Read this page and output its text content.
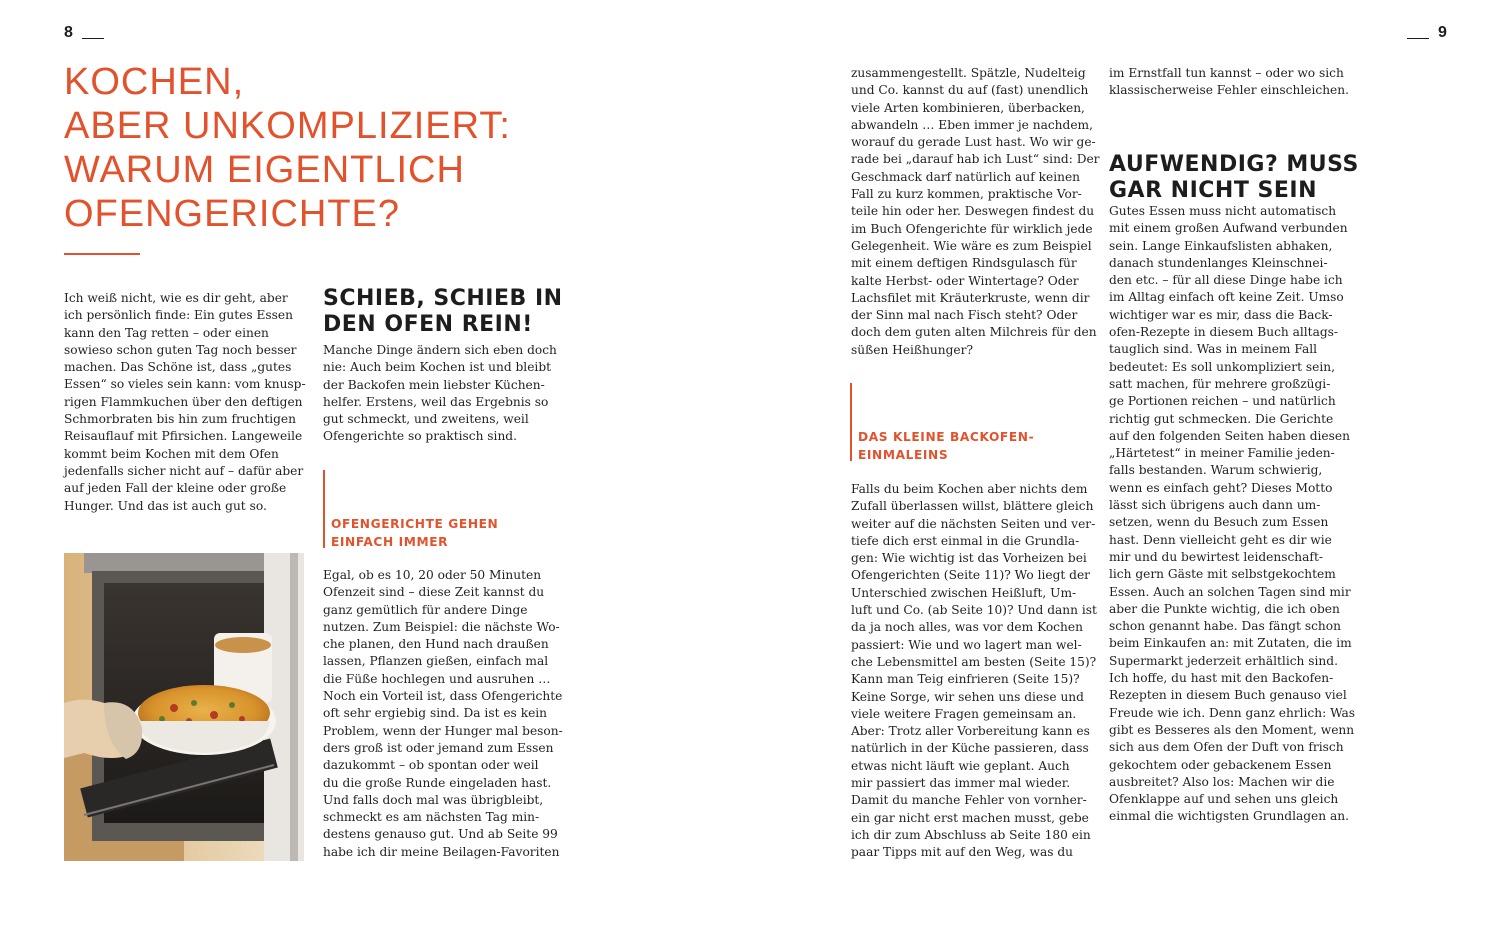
8	9
KOCHEN,
ABER UNKOMPLIZIERT:
WARUM EIGENTLICH
OFENGERICHTE?
Ich weiß nicht, wie es dir geht, aber
ich persönlich finde: Ein gutes Essen
kann den Tag retten – oder einen
sowieso schon guten Tag noch besser
machen. Das Schöne ist, dass „gutes
Essen“ so vieles sein kann: vom knusp-
rigen Flammkuchen über den deftigen
Schmorbraten bis hin zum fruchtigen
Reisauflauf mit Pfirsichen. Langeweile
kommt beim Kochen mit dem Ofen
jedenfalls sicher nicht auf – dafür aber
auf jeden Fall der kleine oder große
Hunger. Und das ist auch gut so.
SCHIEB, SCHIEB IN
DEN OFEN REIN!
Manche Dinge ändern sich eben doch
nie: Auch beim Kochen ist und bleibt
der Backofen mein liebster Küchen-
helfer. Erstens, weil das Ergebnis so
gut schmeckt, und zweitens, weil
Ofengerichte so praktisch sind.
OFENGERICHTE GEHEN
EINFACH IMMER
Egal, ob es 10, 20 oder 50 Minuten
Ofenzeit sind – diese Zeit kannst du
ganz gemütlich für andere Dinge
nutzen. Zum Beispiel: die nächste Wo-
che planen, den Hund nach draußen
lassen, Pflanzen gießen, einfach mal
die Füße hochlegen und ausruhen …
Noch ein Vorteil ist, dass Ofengerichte
oft sehr ergiebig sind. Da ist es kein
Problem, wenn der Hunger mal beson-
ders groß ist oder jemand zum Essen
dazukommt – ob spontan oder weil
du die große Runde eingeladen hast.
Und falls doch mal was übrigbleibt,
schmeckt es am nächsten Tag min-
destens genauso gut. Und ab Seite 99
habe ich dir meine Beilagen-Favoriten
zusammengestellt. Spätzle, Nudelteig
und Co. kannst du auf (fast) unendlich
viele Arten kombinieren, überbacken,
abwandeln … Eben immer je nachdem,
worauf du gerade Lust hast. Wo wir ge-
rade bei „darauf hab ich Lust“ sind: Der
Geschmack darf natürlich auf keinen
Fall zu kurz kommen, praktische Vor-
teile hin oder her. Deswegen findest du
im Buch Ofengerichte für wirklich jede
Gelegenheit. Wie wäre es zum Beispiel
mit einem deftigen Rindsgulasch für
kalte Herbst- oder Wintertage? Oder
Lachsfilet mit Kräuterkruste, wenn dir
der Sinn mal nach Fisch steht? Oder
doch dem guten alten Milchreis für den
süßen Heißhunger?
DAS KLEINE BACKOFEN-
EINMALEINS
Falls du beim Kochen aber nichts dem
Zufall überlassen willst, blättere gleich
weiter auf die nächsten Seiten und ver-
tiefe dich erst einmal in die Grundla-
gen: Wie wichtig ist das Vorheizen bei
Ofengerichten (Seite 11)? Wo liegt der
Unterschied zwischen Heißluft, Um-
luft und Co. (ab Seite 10)? Und dann ist
da ja noch alles, was vor dem Kochen
passiert: Wie und wo lagert man wel-
che Lebensmittel am besten (Seite 15)?
Kann man Teig einfrieren (Seite 15)?
Keine Sorge, wir sehen uns diese und
viele weitere Fragen gemeinsam an.
Aber: Trotz aller Vorbereitung kann es
natürlich in der Küche passieren, dass
etwas nicht läuft wie geplant. Auch
mir passiert das immer mal wieder.
Damit du manche Fehler von vornher-
ein gar nicht erst machen musst, gebe
ich dir zum Abschluss ab Seite 180 ein
paar Tipps mit auf den Weg, was du
im Ernstfall tun kannst – oder wo sich
klassischerweise Fehler einschleichen.
AUFWENDIG? MUSS
GAR NICHT SEIN
Gutes Essen muss nicht automatisch
mit einem großen Aufwand verbunden
sein. Lange Einkaufslisten abhaken,
danach stundenlanges Kleinschnei-
den etc. – für all diese Dinge habe ich
im Alltag einfach oft keine Zeit. Umso
wichtiger war es mir, dass die Back-
ofen-Rezepte in diesem Buch alltags-
tauglich sind. Was in meinem Fall
bedeutet: Es soll unkompliziert sein,
satt machen, für mehrere großzügi-
ge Portionen reichen – und natürlich
richtig gut schmecken. Die Gerichte
auf den folgenden Seiten haben diesen
„Härtetest“ in meiner Familie jeden-
falls bestanden. Warum schwierig,
wenn es einfach geht? Dieses Motto
lässt sich übrigens auch dann um-
setzen, wenn du Besuch zum Essen
hast. Denn vielleicht geht es dir wie
mir und du bewirtest leidenschaft-
lich gern Gäste mit selbstgekochtem
Essen. Auch an solchen Tagen sind mir
aber die Punkte wichtig, die ich oben
schon genannt habe. Das fängt schon
beim Einkaufen an: mit Zutaten, die im
Supermarkt jederzeit erhältlich sind.
Ich hoffe, du hast mit den Backofen-
Rezepten in diesem Buch genauso viel
Freude wie ich. Denn ganz ehrlich: Was
gibt es Besseres als den Moment, wenn
sich aus dem Ofen der Duft von frisch
gekochtem oder gebackenem Essen
ausbreitet? Also los: Machen wir die
Ofenklappe auf und sehen uns gleich
einmal die wichtigsten Grundlagen an.
